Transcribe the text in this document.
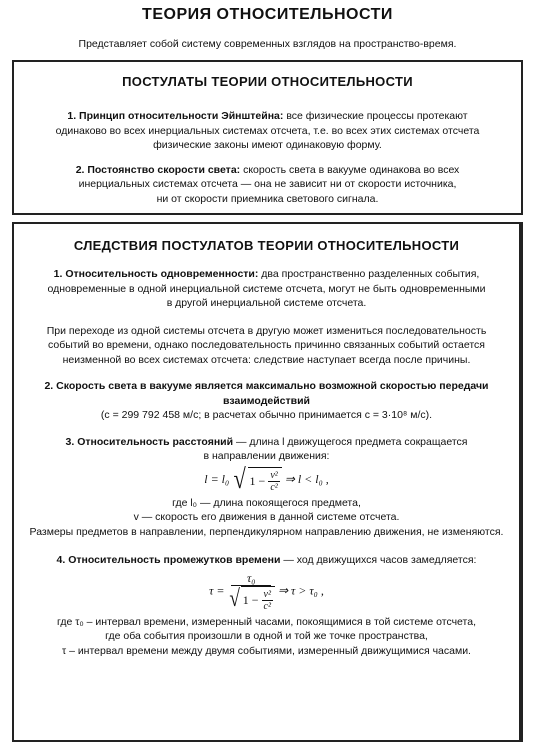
ТЕОРИЯ ОТНОСИТЕЛЬНОСТИ
Представляет собой систему современных взглядов на пространство-время.
ПОСТУЛАТЫ ТЕОРИИ ОТНОСИТЕЛЬНОСТИ

1. Принцип относительности Эйнштейна: все физические процессы протекают

одинаково во всех инерциальных системах отсчета, т.е. во всех этих системах отсчета

физические законы имеют одинаковую форму.

2. Постоянство скорости света: скорость света в вакууме одинакова во всех

инерциальных системах отсчета — она не зависит ни от скорости источника,

ни от скорости приемника светового сигнала.

СЛЕДСТВИЯ ПОСТУЛАТОВ ТЕОРИИ ОТНОСИТЕЛЬНОСТИ

1. Относительность одновременности: два пространственно разделенных события,

одновременные в одной инерциальной системе отсчета, могут не быть одновременными

в другой инерциальной системе отсчета.

При переходе из одной системы отсчета в другую может измениться последовательность

событий во времени, однако последовательность причинно связанных событий остается

неизменной во всех системах отсчета: следствие наступает всегда после причины.

2. Скорость света в вакууме является максимально возможной скоростью передачи

взаимодействий

(c = 299 792 458 м/с; в расчетах обычно принимается c = 3·10⁸ м/с).

3. Относительность расстояний — длина l движущегося предмета сокращается

в направлении движения:

l = l₀ √ 1 −
$\frac{\text{v²}}{\text{c²}}$ ⇒ l < l₀ ,

где l₀ — длина покоящегося предмета,

v — скорость его движения в данной системе отсчета.

Размеры предметов в направлении, перпендикулярном направлению движения, не изменяются.

4. Относительность промежутков времени — ход движущихся часов замедляется:

τ =
τ₀
√ 1 −
$\frac{\text{v²}}{\text{c²}}$ ⇒ τ > τ₀ ,

где τ₀ – интервал времени, измеренный часами, покоящимися в той системе отсчета,

где оба события произошли в одной и той же точке пространства,

τ – интервал времени между двумя событиями, измеренный движущимися часами.
